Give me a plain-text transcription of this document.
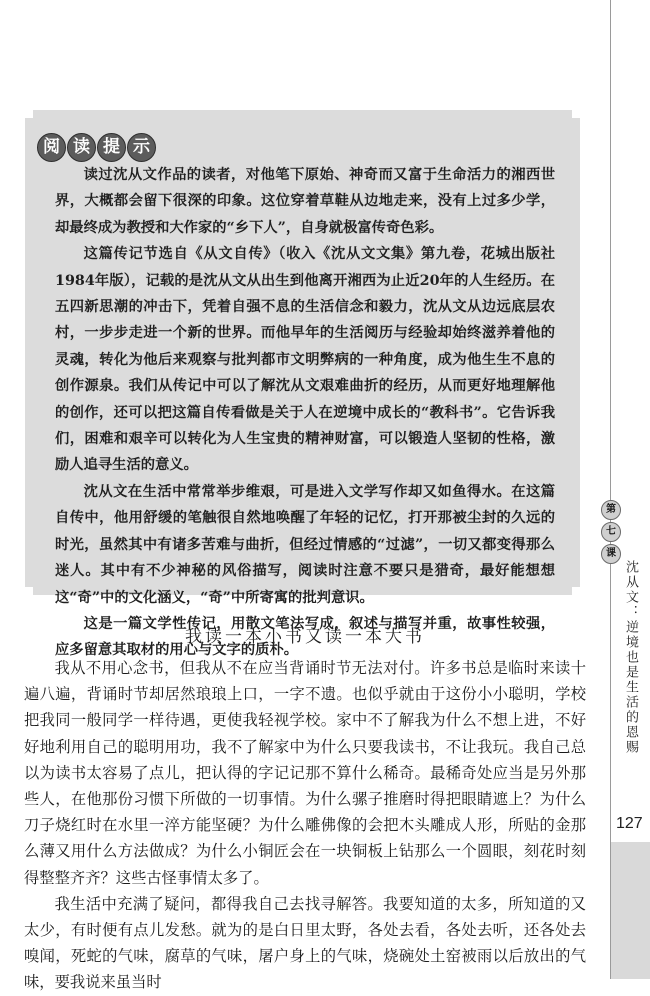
第
七
课
沈从文：逆境也是生活的恩赐
127
阅 读 提 示

读过沈从文作品的读者，对他笔下原始、神奇而又富于生命活力的湘西世界，大概都会留下很深的印象。这位穿着草鞋从边地走来，没有上过多少学，却最终成为教授和大作家的“乡下人”，自身就极富传奇色彩。

这篇传记节选自《从文自传》（收入《沈从文文集》第九卷，花城出版社1984年版），记载的是沈从文从出生到他离开湘西为止近20年的人生经历。在五四新思潮的冲击下，凭着自强不息的生活信念和毅力，沈从文从边远底层农村，一步步走进一个新的世界。而他早年的生活阅历与经验却始终滋养着他的灵魂，转化为他后来观察与批判都市文明弊病的一种角度，成为他生生不息的创作源泉。我们从传记中可以了解沈从文艰难曲折的经历，从而更好地理解他的创作，还可以把这篇自传看做是关于人在逆境中成长的“教科书”。它告诉我们，困难和艰辛可以转化为人生宝贵的精神财富，可以锻造人坚韧的性格，激励人追寻生活的意义。

沈从文在生活中常常举步维艰，可是进入文学写作却又如鱼得水。在这篇自传中，他用舒缓的笔触很自然地唤醒了年轻的记忆，打开那被尘封的久远的时光，虽然其中有诸多苦难与曲折，但经过情感的“过滤”，一切又都变得那么迷人。其中有不少神秘的风俗描写，阅读时注意不要只是猎奇，最好能想想这“奇”中的文化涵义，“奇”中所寄寓的批判意识。

这是一篇文学性传记，用散文笔法写成，叙述与描写并重，故事性较强，应多留意其取材的用心与文字的质朴。

我读一本小书又读一本大书

我从不用心念书，但我从不在应当背诵时节无法对付。许多书总是临时来读十遍八遍，背诵时节却居然琅琅上口，一字不遗。也似乎就由于这份小小聪明，学校把我同一般同学一样待遇，更使我轻视学校。家中不了解我为什么不想上进，不好好地利用自己的聪明用功，我不了解家中为什么只要我读书，不让我玩。我自己总以为读书太容易了点儿，把认得的字记记那不算什么稀奇。最稀奇处应当是另外那些人，在他那份习惯下所做的一切事情。为什么骡子推磨时得把眼睛遮上？为什么刀子烧红时在水里一淬方能坚硬？为什么雕佛像的会把木头雕成人形，所贴的金那么薄又用什么方法做成？为什么小铜匠会在一块铜板上钻那么一个圆眼，刻花时刻得整整齐齐？这些古怪事情太多了。

我生活中充满了疑问，都得我自己去找寻解答。我要知道的太多，所知道的又太少，有时便有点儿发愁。就为的是白日里太野，各处去看，各处去听，还各处去嗅闻，死蛇的气味，腐草的气味，屠户身上的气味，烧碗处土窑被雨以后放出的气味，要我说来虽当时
